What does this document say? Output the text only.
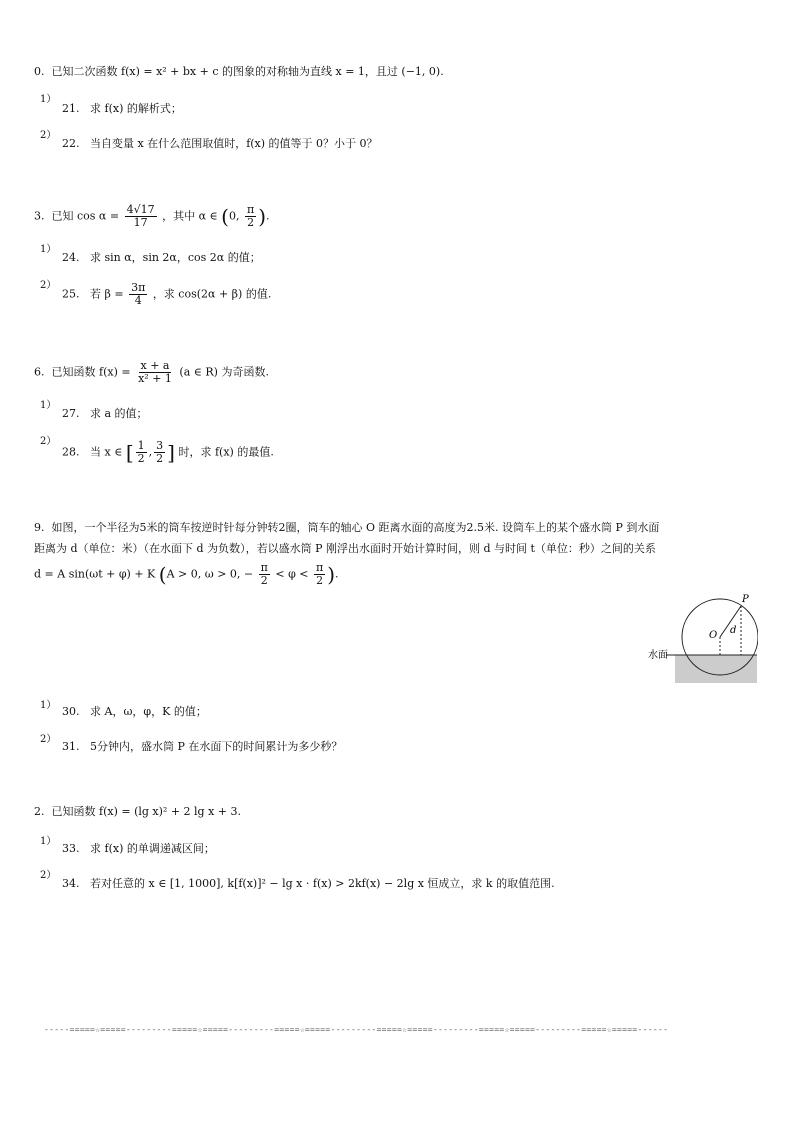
0. 已知二次函数 f(x) = x² + bx + c 的图象的对称轴为直线 x = 1，且过 (−1, 0).
1）
21. 求 f(x) 的解析式；
2）
22. 当自变量 x 在什么范围取值时，f(x) 的值等于 0？小于 0？
3. 已知 $\cos \alpha = \frac{4√17}{17}$ ，其中 α ∈ (0, $\frac{\pi}{2}$ ).
1）
24. 求 sin α，sin 2α，cos 2α 的值；
2）
25. 若 $\beta = \frac{3\pi}{4}$ ，求 cos(2α + β) 的值.
6. 已知函数 $f(x) = \frac{x + a}{\text{x² + 1}} (a$ ∈ R) 为奇函数.
1）
27. 求 a 的值；
2）
28. 当 x ∈ [ $\frac{1}{2}$ , $\frac{3}{2}$ ] 时，求 f(x) 的最值.
9. 如图，一个半径为5米的筒车按逆时针每分钟转2圈，筒车的轴心 O 距离水面的高度为2.5米. 设筒车上的某个盛水筒 P 到水面
距离为 d（单位：米）（在水面下 d 为负数），若以盛水筒 P 刚浮出水面时开始计算时间，则 d 与时间 t（单位：秒）之间的关系
d = A sin(ωt + φ) + K (A > 0, ω > 0, − $\frac{\pi}{2} < \varphi < \frac{\pi}{2}$ ).
P
O d
水面
1） 30. 求 A，ω，φ，K 的值；
2）
31. 5分钟内，盛水筒 P 在水面下的时间累计为多少秒？
2. 已知函数 f(x) = (lg x)² + 2 lg x + 3.
1）
33. 求 f(x) 的单调递减区间；
2）
34. 若对任意的 x ∈ [1, 1000], k[f(x)]² − lg x · f(x) > 2kf(x) − 2lg x 恒成立，求 k 的取值范围.
-----=====☆=====---------=====☆=====---------=====☆=====---------=====☆=====---------=====☆=====---------=====☆=====------
